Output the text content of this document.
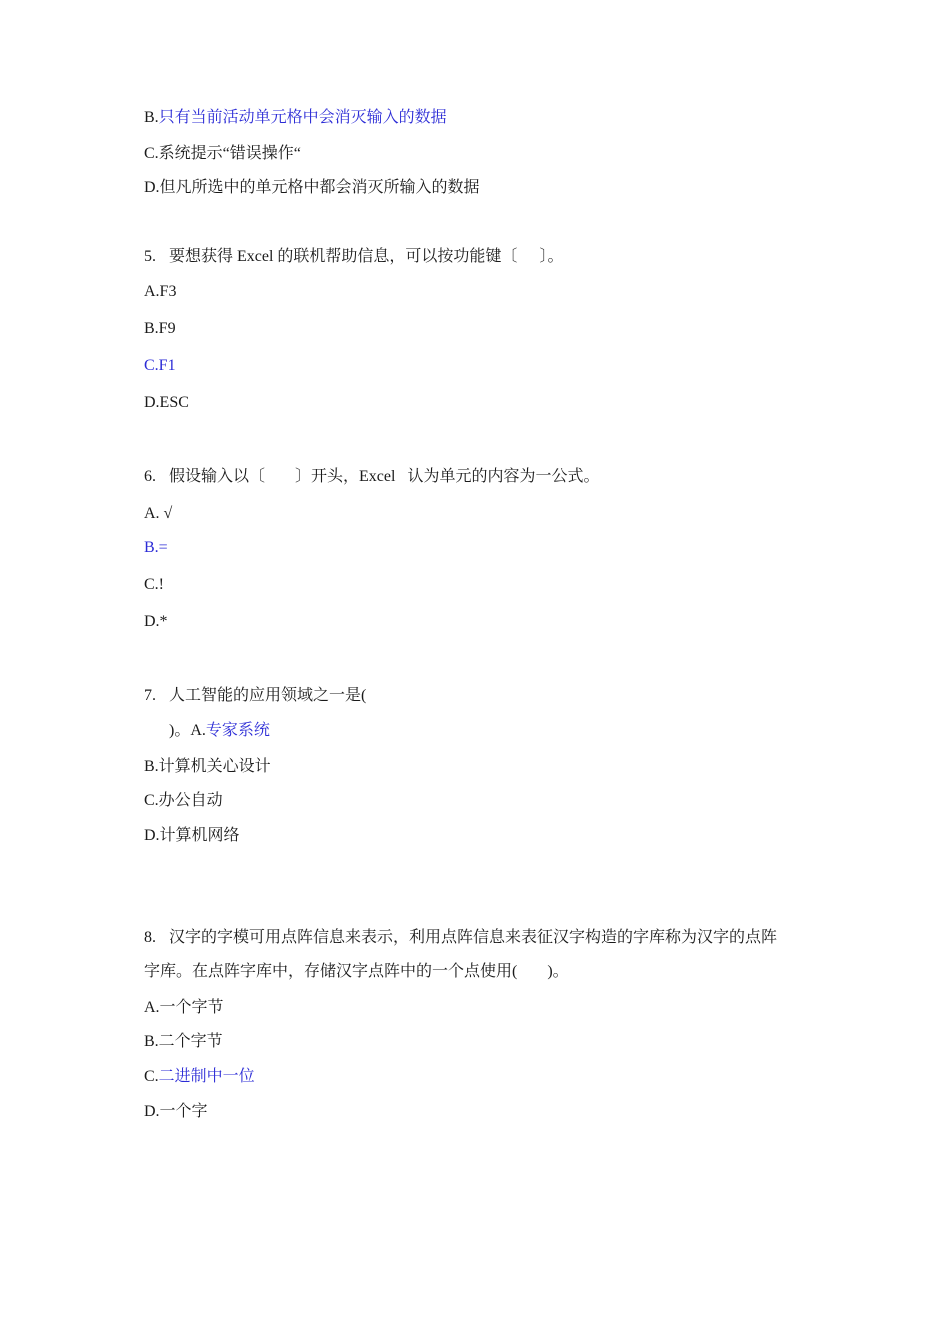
B.只有当前活动单元格中会消灭输入的数据
C.系统提示“错误操作“
D.但凡所选中的单元格中都会消灭所输入的数据
5. 要想获得 Excel 的联机帮助信息，可以按功能键〔 〕。
A.F3
B.F9
C.F1
D.ESC
6. 假设输入以〔 〕开头，Excel 认为单元的内容为一公式。
A. √
B.=
C.!
D.*
7. 人工智能的应用领域之一是(
)。A.专家系统
B.计算机关心设计
C.办公自动
D.计算机网络
8. 汉字的字模可用点阵信息来表示，利用点阵信息来表征汉字构造的字库称为汉字的点阵
字库。在点阵字库中，存储汉字点阵中的一个点使用( )。
A.一个字节
B.二个字节
C.二进制中一位
D.一个字
